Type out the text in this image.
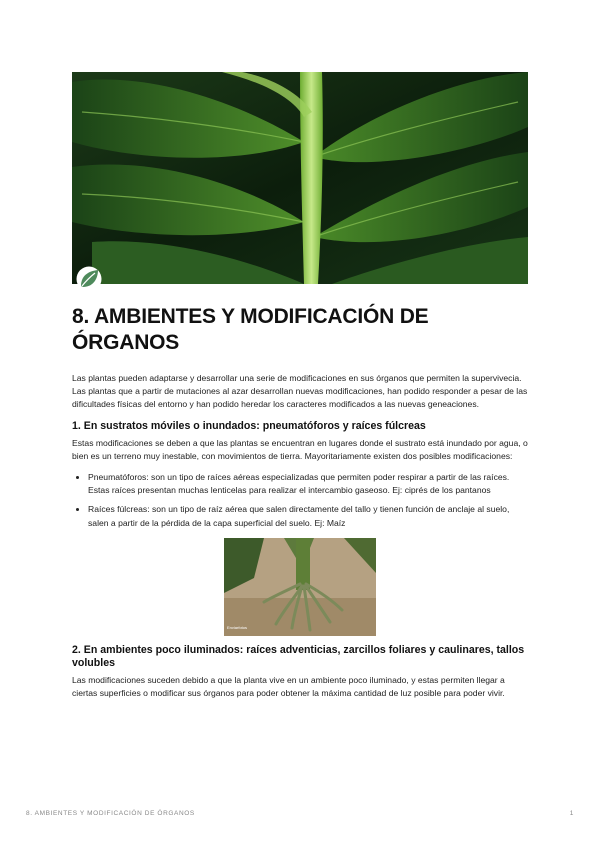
8. AMBIENTES Y MODIFICACIÓN DE ÓRGANOS

Las plantas pueden adaptarse y desarrollar una serie de modificaciones en sus órganos que permiten la supervivecia. Las plantas que a partir de mutaciones al azar desarrollan nuevas modificaciones, han podido responder a pesar de las dificultades físicas del entorno y han podido heredar los caracteres modificados a las nuevas geneaciones.

1. En sustratos móviles o inundados: pneumatóforos y raíces fúlcreas

Estas modificaciones se deben a que las plantas se encuentran en lugares donde el sustrato está inundado por agua, o bien es un terreno muy inestable, con movimientos de tierra. Mayoritariamente existen dos posibles modificaciones:

• Pneumatóforos: son un tipo de raíces aéreas especializadas que permiten poder respirar a partir de las raíces. Estas raíces presentan muchas lenticelas para realizar el intercambio gaseoso. Ej: ciprés de los pantanos
• Raíces fúlcreas: son un tipo de raíz aérea que salen directamente del tallo y tienen función de anclaje al suelo, salen a partir de la pérdida de la capa superficial del suelo. Ej: Maíz
Enviarfotos
2. En ambientes poco iluminados: raíces adventicias, zarcillos foliares y caulinares, tallos volubles

Las modificaciones suceden debido a que la planta vive en un ambiente poco iluminado, y estas permiten llegar a ciertas superficies o modificar sus órganos para poder obtener la máxima cantidad de luz posible para poder vivir.

8. AMBIENTES Y MODIFICACIÓN DE ÓRGANOS	1
